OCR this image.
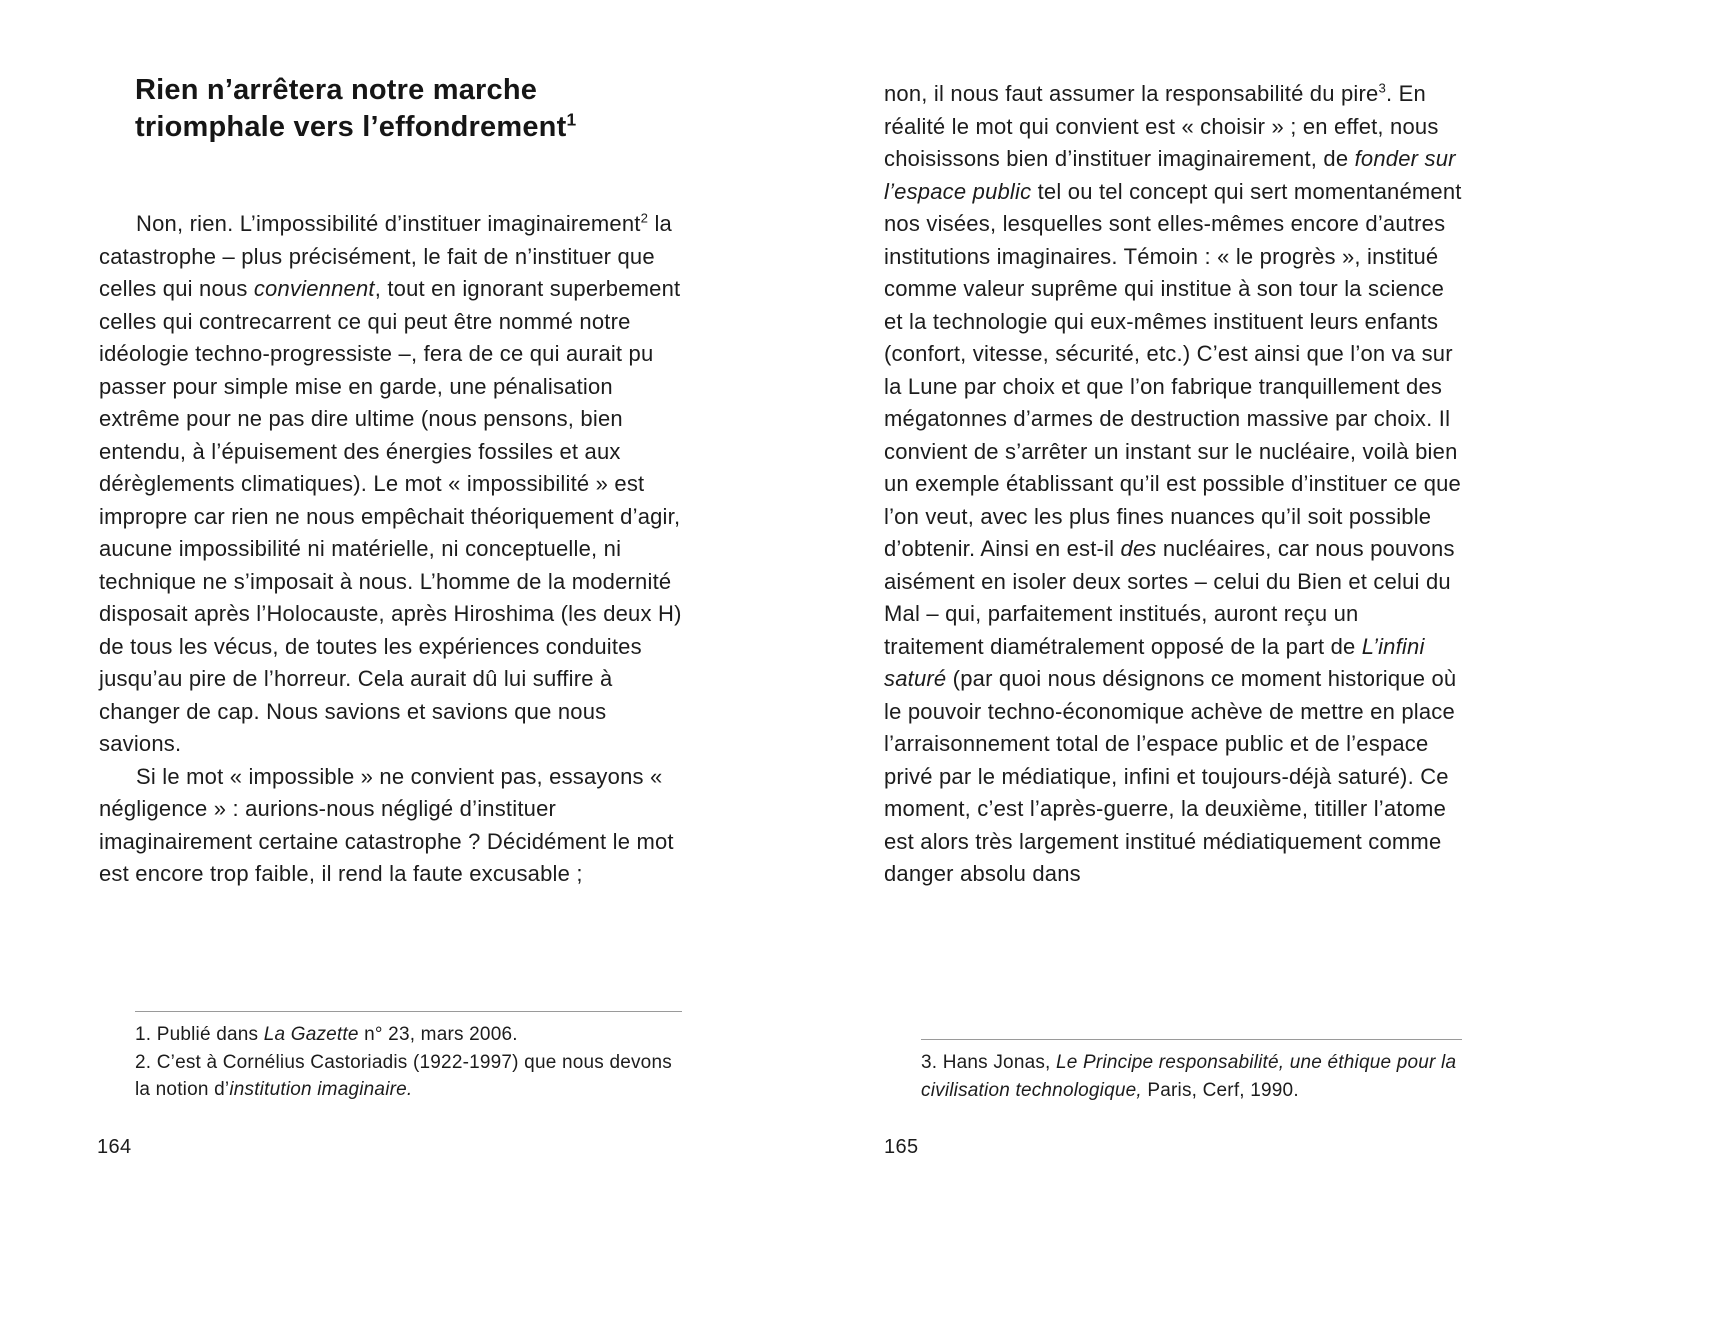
Rien n’arrêtera notre marche triomphale vers l’effondrement$^1$

Non, rien. L’impossibilité d’instituer imaginairement$^2$ la catastrophe – plus précisément, le fait de n’instituer que celles qui nous conviennent, tout en ignorant superbement celles qui contrecarrent ce qui peut être nommé notre idéologie techno-progressiste –, fera de ce qui aurait pu passer pour simple mise en garde, une pénalisation extrême pour ne pas dire ultime (nous pensons, bien entendu, à l’épuisement des énergies fossiles et aux dérèglements climatiques). Le mot « impossibilité » est impropre car rien ne nous empêchait théoriquement d’agir, aucune impossibilité ni matérielle, ni conceptuelle, ni technique ne s’imposait à nous. L’homme de la modernité disposait après l’Holocauste, après Hiroshima (les deux H) de tous les vécus, de toutes les expériences conduites jusqu’au pire de l’horreur. Cela aurait dû lui suffire à changer de cap. Nous savions et savions que nous savions.

Si le mot « impossible » ne convient pas, essayons « négligence » : aurions-nous négligé d’instituer imaginairement certaine catastrophe ? Décidément le mot est encore trop faible, il rend la faute excusable ;

1. Publié dans La Gazette n° 23, mars 2006.

2. C’est à Cornélius Castoriadis (1922-1997) que nous devons la notion d’institution imaginaire.

164

non, il nous faut assumer la responsabilité du pire$^3$. En réalité le mot qui convient est « choisir » ; en effet, nous choisissons bien d’instituer imaginairement, de fonder sur l’espace public tel ou tel concept qui sert momentanément nos visées, lesquelles sont elles-mêmes encore d’autres institutions imaginaires. Témoin : « le progrès », institué comme valeur suprême qui institue à son tour la science et la technologie qui eux-mêmes instituent leurs enfants (confort, vitesse, sécurité, etc.) C’est ainsi que l’on va sur la Lune par choix et que l’on fabrique tranquillement des mégatonnes d’armes de destruction massive par choix. Il convient de s’arrêter un instant sur le nucléaire, voilà bien un exemple établissant qu’il est possible d’instituer ce que l’on veut, avec les plus fines nuances qu’il soit possible d’obtenir. Ainsi en est-il des nucléaires, car nous pouvons aisément en isoler deux sortes – celui du Bien et celui du Mal – qui, parfaitement institués, auront reçu un traitement diamétralement opposé de la part de L’infini saturé (par quoi nous désignons ce moment historique où le pouvoir techno-économique achève de mettre en place l’arraisonnement total de l’espace public et de l’espace privé par le médiatique, infini et toujours-déjà saturé). Ce moment, c’est l’après-guerre, la deuxième, titiller l’atome est alors très largement institué médiatiquement comme danger absolu dans

3. Hans Jonas, Le Principe responsabilité, une éthique pour la civilisation technologique, Paris, Cerf, 1990.

165
